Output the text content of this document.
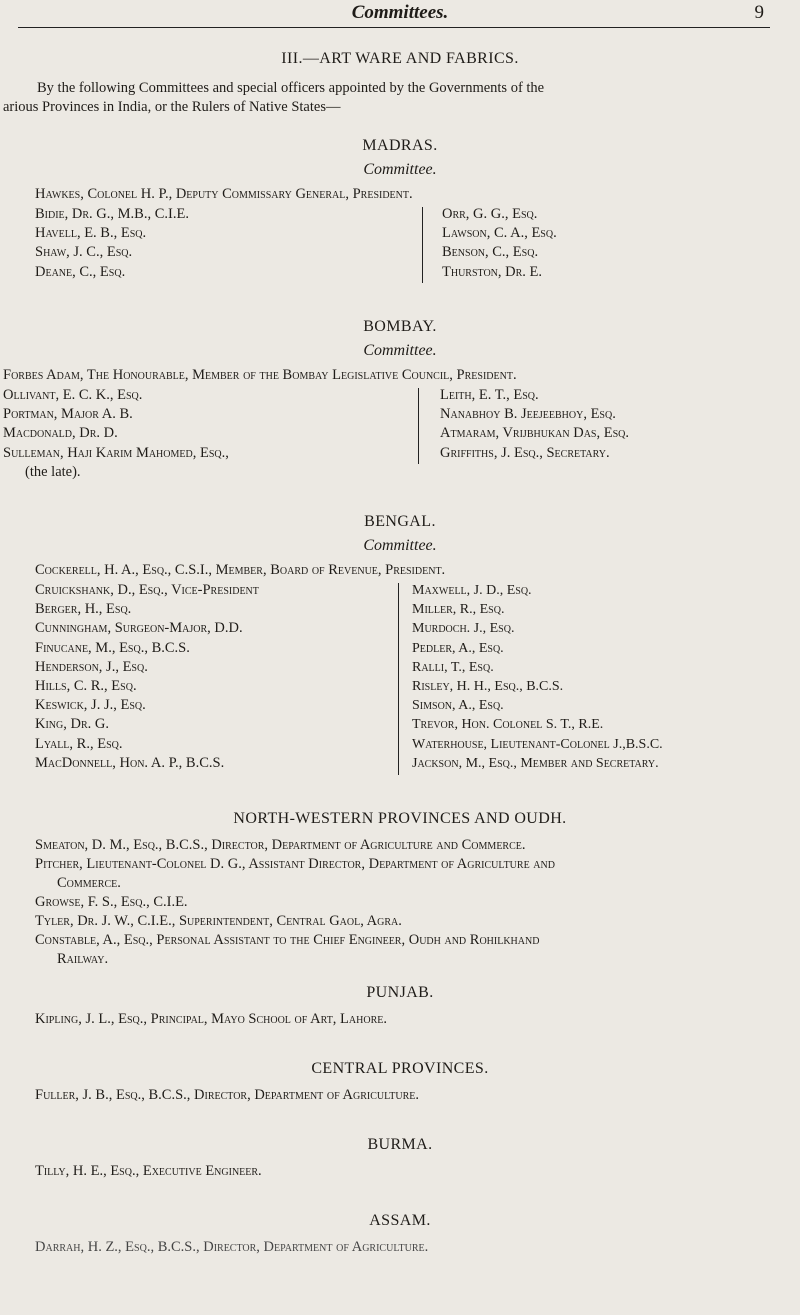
Committees.	9
III.—ART WARE AND FABRICS.
By the following Committees and special officers appointed by the Governments of the
arious Provinces in India, or the Rulers of Native States—
MADRAS.
Committee.
Hawkes, Colonel H. P., Deputy Commissary General, President.
Bidie, Dr. G., M.B., C.I.E.
Havell, E. B., Esq.
Shaw, J. C., Esq.
Deane, C., Esq.
Orr, G. G., Esq.
Lawson, C. A., Esq.
Benson, C., Esq.
Thurston, Dr. E.
BOMBAY.
Committee.
Forbes Adam, The Honourable, Member of the Bombay Legislative Council, President.
Ollivant, E. C. K., Esq.
Portman, Major A. B.
Macdonald, Dr. D.
Sulleman, Haji Karim Mahomed, Esq.,
(the late).
Leith, E. T., Esq.
Nanabhoy B. Jeejeebhoy, Esq.
Atmaram, Vrijbhukan Das, Esq.
Griffiths, J. Esq., Secretary.
BENGAL.
Committee.
Cockerell, H. A., Esq., C.S.I., Member, Board of Revenue, President.
Cruickshank, D., Esq., Vice-President
Berger, H., Esq.
Cunningham, Surgeon-Major, D.D.
Finucane, M., Esq., B.C.S.
Henderson, J., Esq.
Hills, C. R., Esq.
Keswick, J. J., Esq.
King, Dr. G.
Lyall, R., Esq.
MacDonnell, Hon. A. P., B.C.S.
Maxwell, J. D., Esq.
Miller, R., Esq.
Murdoch. J., Esq.
Pedler, A., Esq.
Ralli, T., Esq.
Risley, H. H., Esq., B.C.S.
Simson, A., Esq.
Trevor, Hon. Colonel S. T., R.E.
Waterhouse, Lieutenant-Colonel J.,B.S.C.
Jackson, M., Esq., Member and Secretary.
NORTH-WESTERN PROVINCES AND OUDH.
Smeaton, D. M., Esq., B.C.S., Director, Department of Agriculture and Commerce.
Pitcher, Lieutenant-Colonel D. G., Assistant Director, Department of Agriculture and
Commerce.
Growse, F. S., Esq., C.I.E.
Tyler, Dr. J. W., C.I.E., Superintendent, Central Gaol, Agra.
Constable, A., Esq., Personal Assistant to the Chief Engineer, Oudh and Rohilkhand
Railway.
PUNJAB.
Kipling, J. L., Esq., Principal, Mayo School of Art, Lahore.
CENTRAL PROVINCES.
Fuller, J. B., Esq., B.C.S., Director, Department of Agriculture.
BURMA.
Tilly, H. E., Esq., Executive Engineer.
ASSAM.
Darrah, H. Z., Esq., B.C.S., Director, Department of Agriculture.
